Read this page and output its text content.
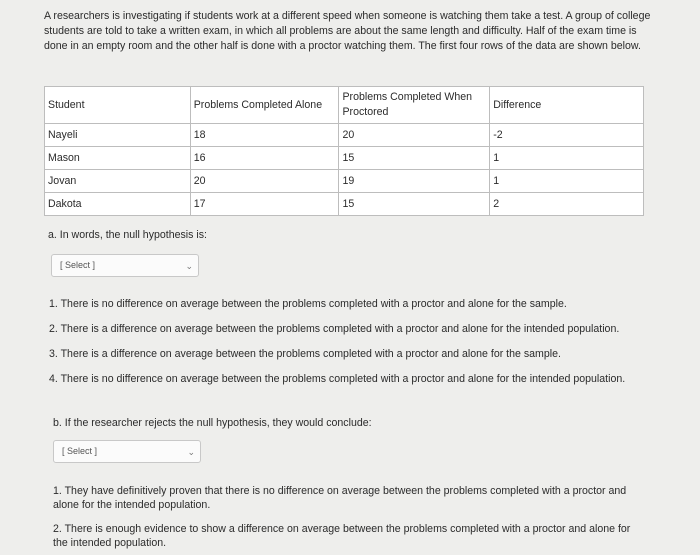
A researchers is investigating if students work at a different speed when someone is watching them take a test. A group of college students are told to take a written exam, in which all problems are about the same length and difficulty. Half of the exam time is done in an empty room and the other half is done with a proctor watching them. The first four rows of the data are shown below.
Student	Problems Completed Alone	Problems Completed When Proctored	Difference
Nayeli	18	20	-2
Mason	16	15	1
Jovan	20	19	1
Dakota	17	15	2
a. In words, the null hypothesis is:
[ Select ]	⌄
1. There is no difference on average between the problems completed with a proctor and alone for the sample.
2. There is a difference on average between the problems completed with a proctor and alone for the intended population.
3. There is a difference on average between the problems completed with a proctor and alone for the sample.
4. There is no difference on average between the problems completed with a proctor and alone for the intended population.
b. If the researcher rejects the null hypothesis, they would conclude:
[ Select ]	⌄
1. They have definitively proven that there is no difference on average between the problems completed with a proctor and alone for the intended population.
2. There is enough evidence to show a difference on average between the problems completed with a proctor and alone for the intended population.
